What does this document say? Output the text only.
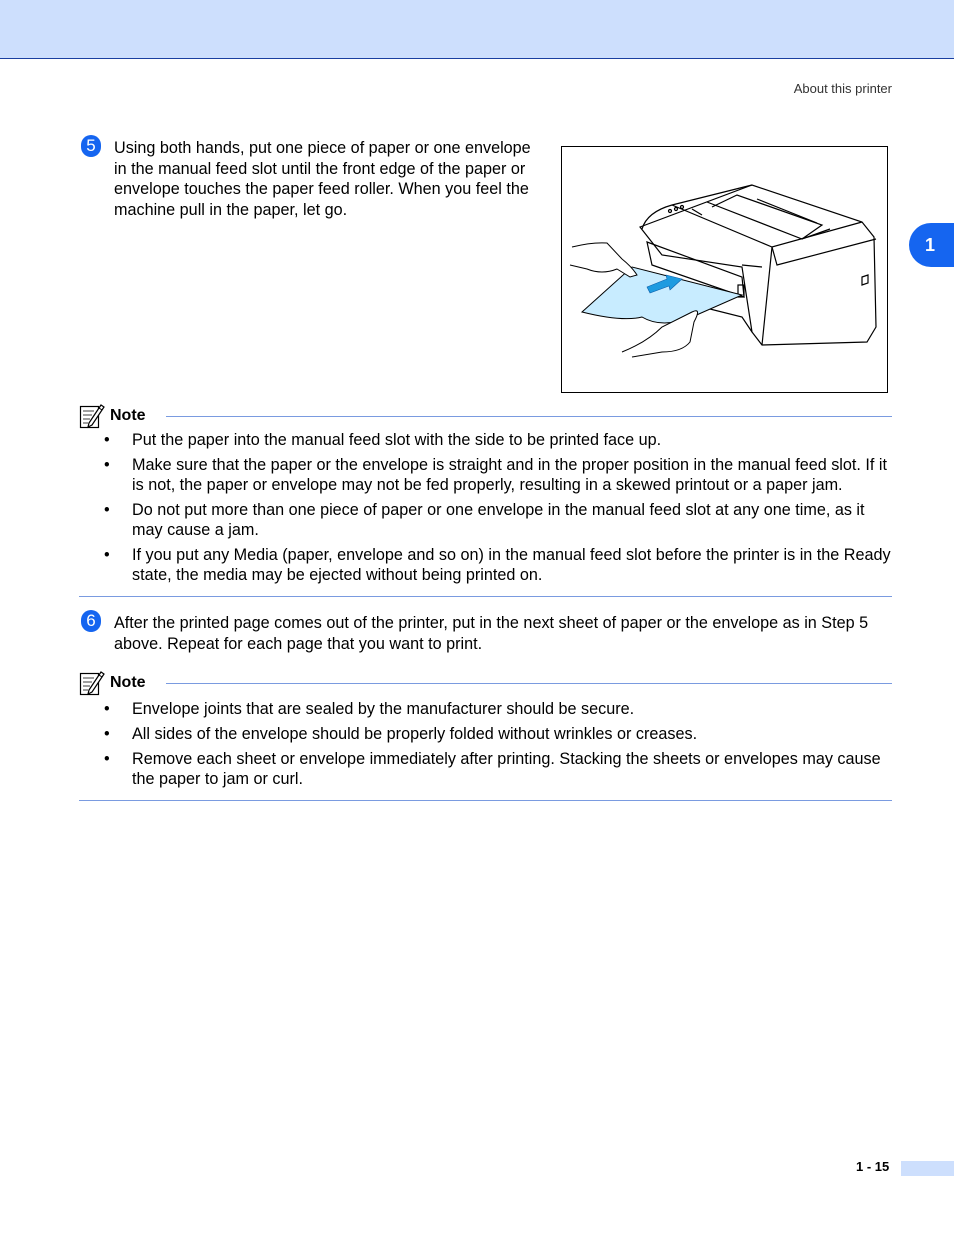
About this printer
1
5	Using both hands, put one piece of paper or one envelope in the manual feed slot until the front edge of the paper or envelope touches the paper feed roller. When you feel the machine pull in the paper, let go.
Note
• Put the paper into the manual feed slot with the side to be printed face up.
• Make sure that the paper or the envelope is straight and in the proper position in the manual feed slot. If it is not, the paper or envelope may not be fed properly, resulting in a skewed printout or a paper jam.
• Do not put more than one piece of paper or one envelope in the manual feed slot at any one time, as it may cause a jam.
• If you put any Media (paper, envelope and so on) in the manual feed slot before the printer is in the Ready state, the media may be ejected without being printed on.
6	After the printed page comes out of the printer, put in the next sheet of paper or the envelope as in Step 5 above. Repeat for each page that you want to print.
Note
• Envelope joints that are sealed by the manufacturer should be secure.
• All sides of the envelope should be properly folded without wrinkles or creases.
• Remove each sheet or envelope immediately after printing. Stacking the sheets or envelopes may cause the paper to jam or curl.
1 - 15
